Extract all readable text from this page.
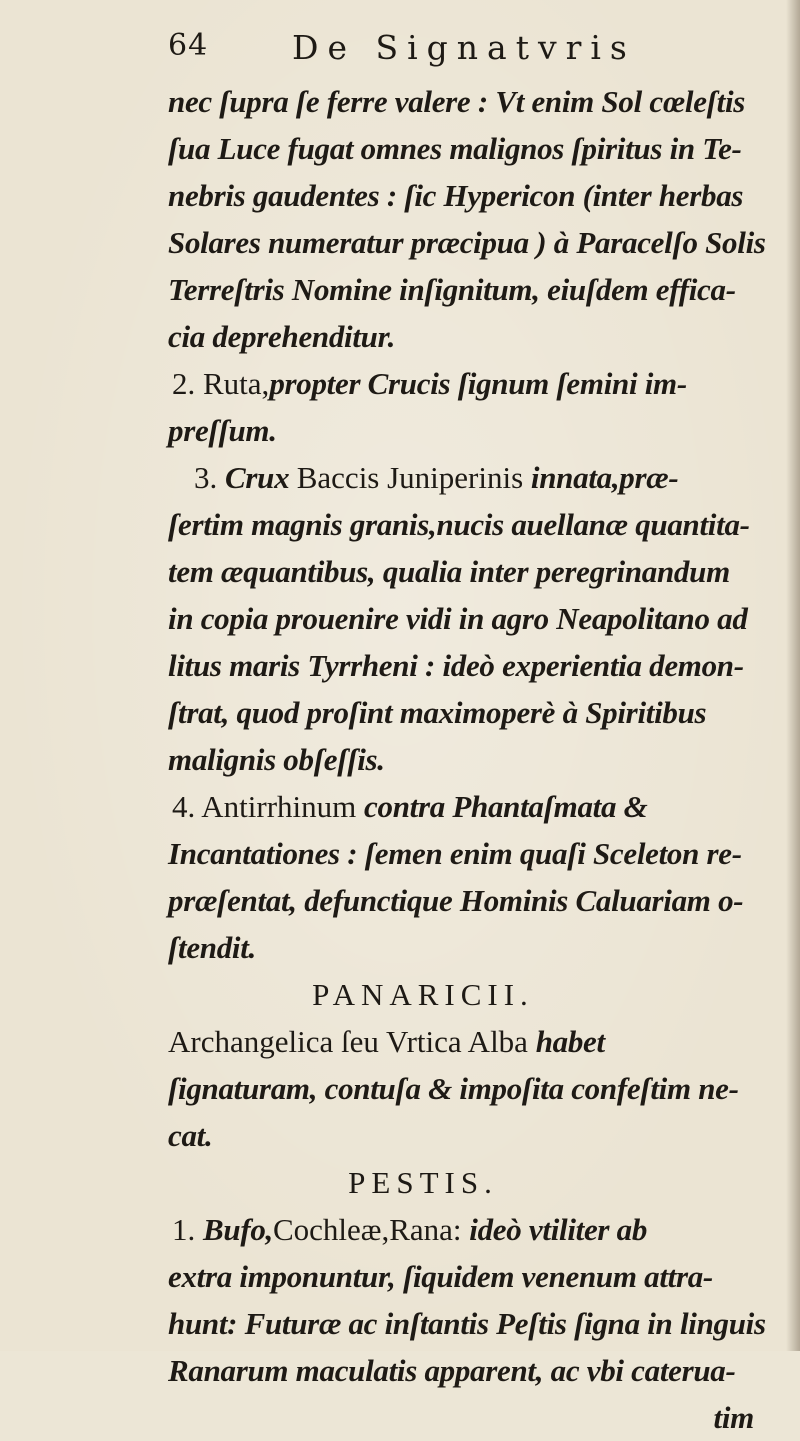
64	De Signatvris
nec ſupra ſe ferre valere : Vt enim Sol cœleſtis
ſua Luce fugat omnes malignos ſpiritus in Te-
nebris gaudentes : ſic Hypericon (inter herbas
Solares numeratur præcipua ) à Paracelſo Solis
Terreſtris Nomine inſignitum, eiuſdem effica-
cia deprehenditur.
2. Ruta,propter Crucis ſignum ſemini im-
preſſum.
3. Crux Baccis Juniperinis innata,præ-
ſertim magnis granis,nucis auellanæ quantita-
tem æquantibus, qualia inter peregrinandum
in copia prouenire vidi in agro Neapolitano ad
litus maris Tyrrheni : ideò experientia demon-
ſtrat, quod proſint maximoperè à Spiritibus
malignis obſeſſis.
4. Antirrhinum contra Phantaſmata &
Incantationes : ſemen enim quaſi Sceleton re-
præſentat, defunctique Hominis Caluariam o-
ſtendit.
PANARICII.
Archangelica ſeu Vrtica Alba habet
ſignaturam, contuſa & impoſita confeſtim ne-
cat.
PESTIS.
1. Bufo,Cochleæ,Rana: ideò vtiliter ab
extra imponuntur, ſiquidem venenum attra-
hunt: Futuræ ac inſtantis Peſtis ſigna in linguis
Ranarum maculatis apparent, ac vbi caterua-
tim
